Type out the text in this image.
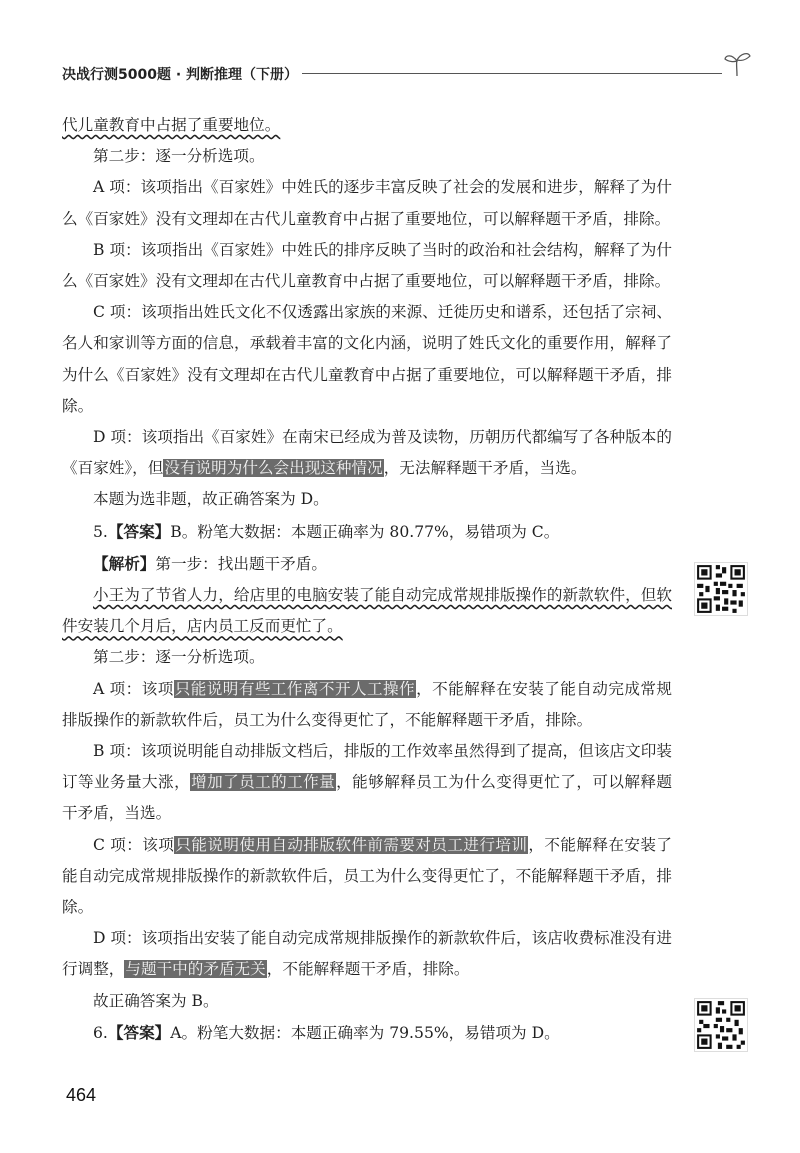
决战行测5000题 · 判断推理（下册）

代儿童教育中占据了重要地位。

第二步：逐一分析选项。

A 项：该项指出《百家姓》中姓氏的逐步丰富反映了社会的发展和进步，解释了为什么《百家姓》没有文理却在古代儿童教育中占据了重要地位，可以解释题干矛盾，排除。

B 项：该项指出《百家姓》中姓氏的排序反映了当时的政治和社会结构，解释了为什么《百家姓》没有文理却在古代儿童教育中占据了重要地位，可以解释题干矛盾，排除。

C 项：该项指出姓氏文化不仅透露出家族的来源、迁徙历史和谱系，还包括了宗祠、名人和家训等方面的信息，承载着丰富的文化内涵，说明了姓氏文化的重要作用，解释了为什么《百家姓》没有文理却在古代儿童教育中占据了重要地位，可以解释题干矛盾，排除。

D 项：该项指出《百家姓》在南宋已经成为普及读物，历朝历代都编写了各种版本的《百家姓》，但没有说明为什么会出现这种情况，无法解释题干矛盾，当选。

本题为选非题，故正确答案为 D。

5.【答案】B。粉笔大数据：本题正确率为 80.77%，易错项为 C。

【解析】第一步：找出题干矛盾。

小王为了节省人力，给店里的电脑安装了能自动完成常规排版操作的新款软件，但软件安装几个月后，店内员工反而更忙了。

第二步：逐一分析选项。

A 项：该项只能说明有些工作离不开人工操作，不能解释在安装了能自动完成常规排版操作的新款软件后，员工为什么变得更忙了，不能解释题干矛盾，排除。

B 项：该项说明能自动排版文档后，排版的工作效率虽然得到了提高，但该店文印装订等业务量大涨，增加了员工的工作量，能够解释员工为什么变得更忙了，可以解释题干矛盾，当选。

C 项：该项只能说明使用自动排版软件前需要对员工进行培训，不能解释在安装了能自动完成常规排版操作的新款软件后，员工为什么变得更忙了，不能解释题干矛盾，排除。

D 项：该项指出安装了能自动完成常规排版操作的新款软件后，该店收费标准没有进行调整，与题干中的矛盾无关，不能解释题干矛盾，排除。

故正确答案为 B。

6.【答案】A。粉笔大数据：本题正确率为 79.55%，易错项为 D。

464
